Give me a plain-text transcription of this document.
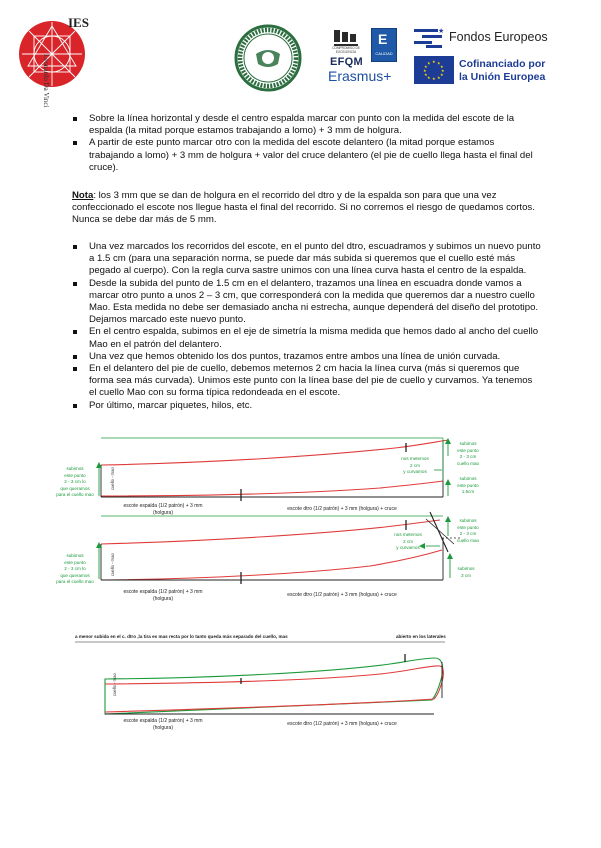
IES
Leonardo Da Vinci
COMPROMISO DE EXCELENCIA
EFQM
E
CALIDAD
Erasmus+
★ Fondos Europeos
★ ★
★
★
★
★
★
★
★
★
★
★	Cofinanciado por
la Unión Europea
Sobre la línea horizontal y desde el centro espalda marcar con punto con la medida del escote de la espalda (la mitad porque estamos trabajando a lomo) + 3 mm de holgura.
A partir de este punto marcar otro con la medida del escote delantero (la mitad porque estamos trabajando a lomo) + 3 mm de holgura + valor del cruce delantero (el pie de cuello llega hasta el final del cruce).
Nota: los 3 mm que se dan de holgura en el recorrido del dtro y de la espalda son para que una vez confeccionado el escote nos llegue hasta el final del recorrido. Si no corremos el riesgo de quedamos cortos. Nunca se debe dar más de 5 mm.
Una vez marcados los recorridos del escote, en el punto del dtro, escuadramos y subimos un nuevo punto a 1.5 cm (para una separación norma, se puede dar más subida si queremos que el cuello esté más pegado al cuerpo). Con la regla curva sastre unimos con una línea curva hasta el centro de la espalda.
Desde la subida del punto de 1.5 cm en el delantero, trazamos una línea en escuadra donde vamos a marcar otro punto a unos 2 – 3 cm, que corresponderá con la medida que queremos dar a nuestro cuello Mao. Esta medida no debe ser demasiado ancha ni estrecha, aunque dependerá del diseño del prototipo. Dejamos marcado este nuevo punto.
En el centro espalda, subimos en el eje de simetría la misma medida que hemos dado al ancho del cuello Mao en el patrón del delantero.
Una vez que hemos obtenido los dos puntos, trazamos entre ambos una línea de unión curvada.
En el delantero del pie de cuello, debemos meternos 2 cm hacia la línea curva (más si queremos que forma sea más curvada). Unimos este punto con la línea base del pie de cuello y curvamos. Ya tenemos el cuello Mao con su forma típica redondeada en el escote.
Por último, marcar piquetes, hilos, etc.
cuello - mao
subimos
este punto
2 - 3 cm lo
que queramos
para el cuello mao
nos metemos
2 cm
y curvamos
subimos
este punto
2 - 3 cm
cuello mao
subimos
este punto
1.5cm
escote espalda (1/2 patrón) + 3 mm
(holgura)
escote dtro (1/2 patrón) + 3 mm (holgura) + cruce
cuello - mao
subimos
este punto
2 - 3 cm lo
que queramos
para el cuello mao
nos metemos
2 cm
y curvamos
subimos
este punto
2 - 3 cm
cuello mao
subimos
3 cm
escote espalda (1/2 patrón) + 3 mm
(holgura)
escote dtro (1/2 patrón) + 3 mm (holgura) + cruce
a menor subida en el c. dtro ,la tira es mas recta por lo tanto queda más separado del cuello, mas	abierto en los laterales
cuello - mao
escote espalda (1/2 patrón) + 3 mm
(holgura)
escote dtro (1/2 patrón) + 3 mm (holgura) + cruce
